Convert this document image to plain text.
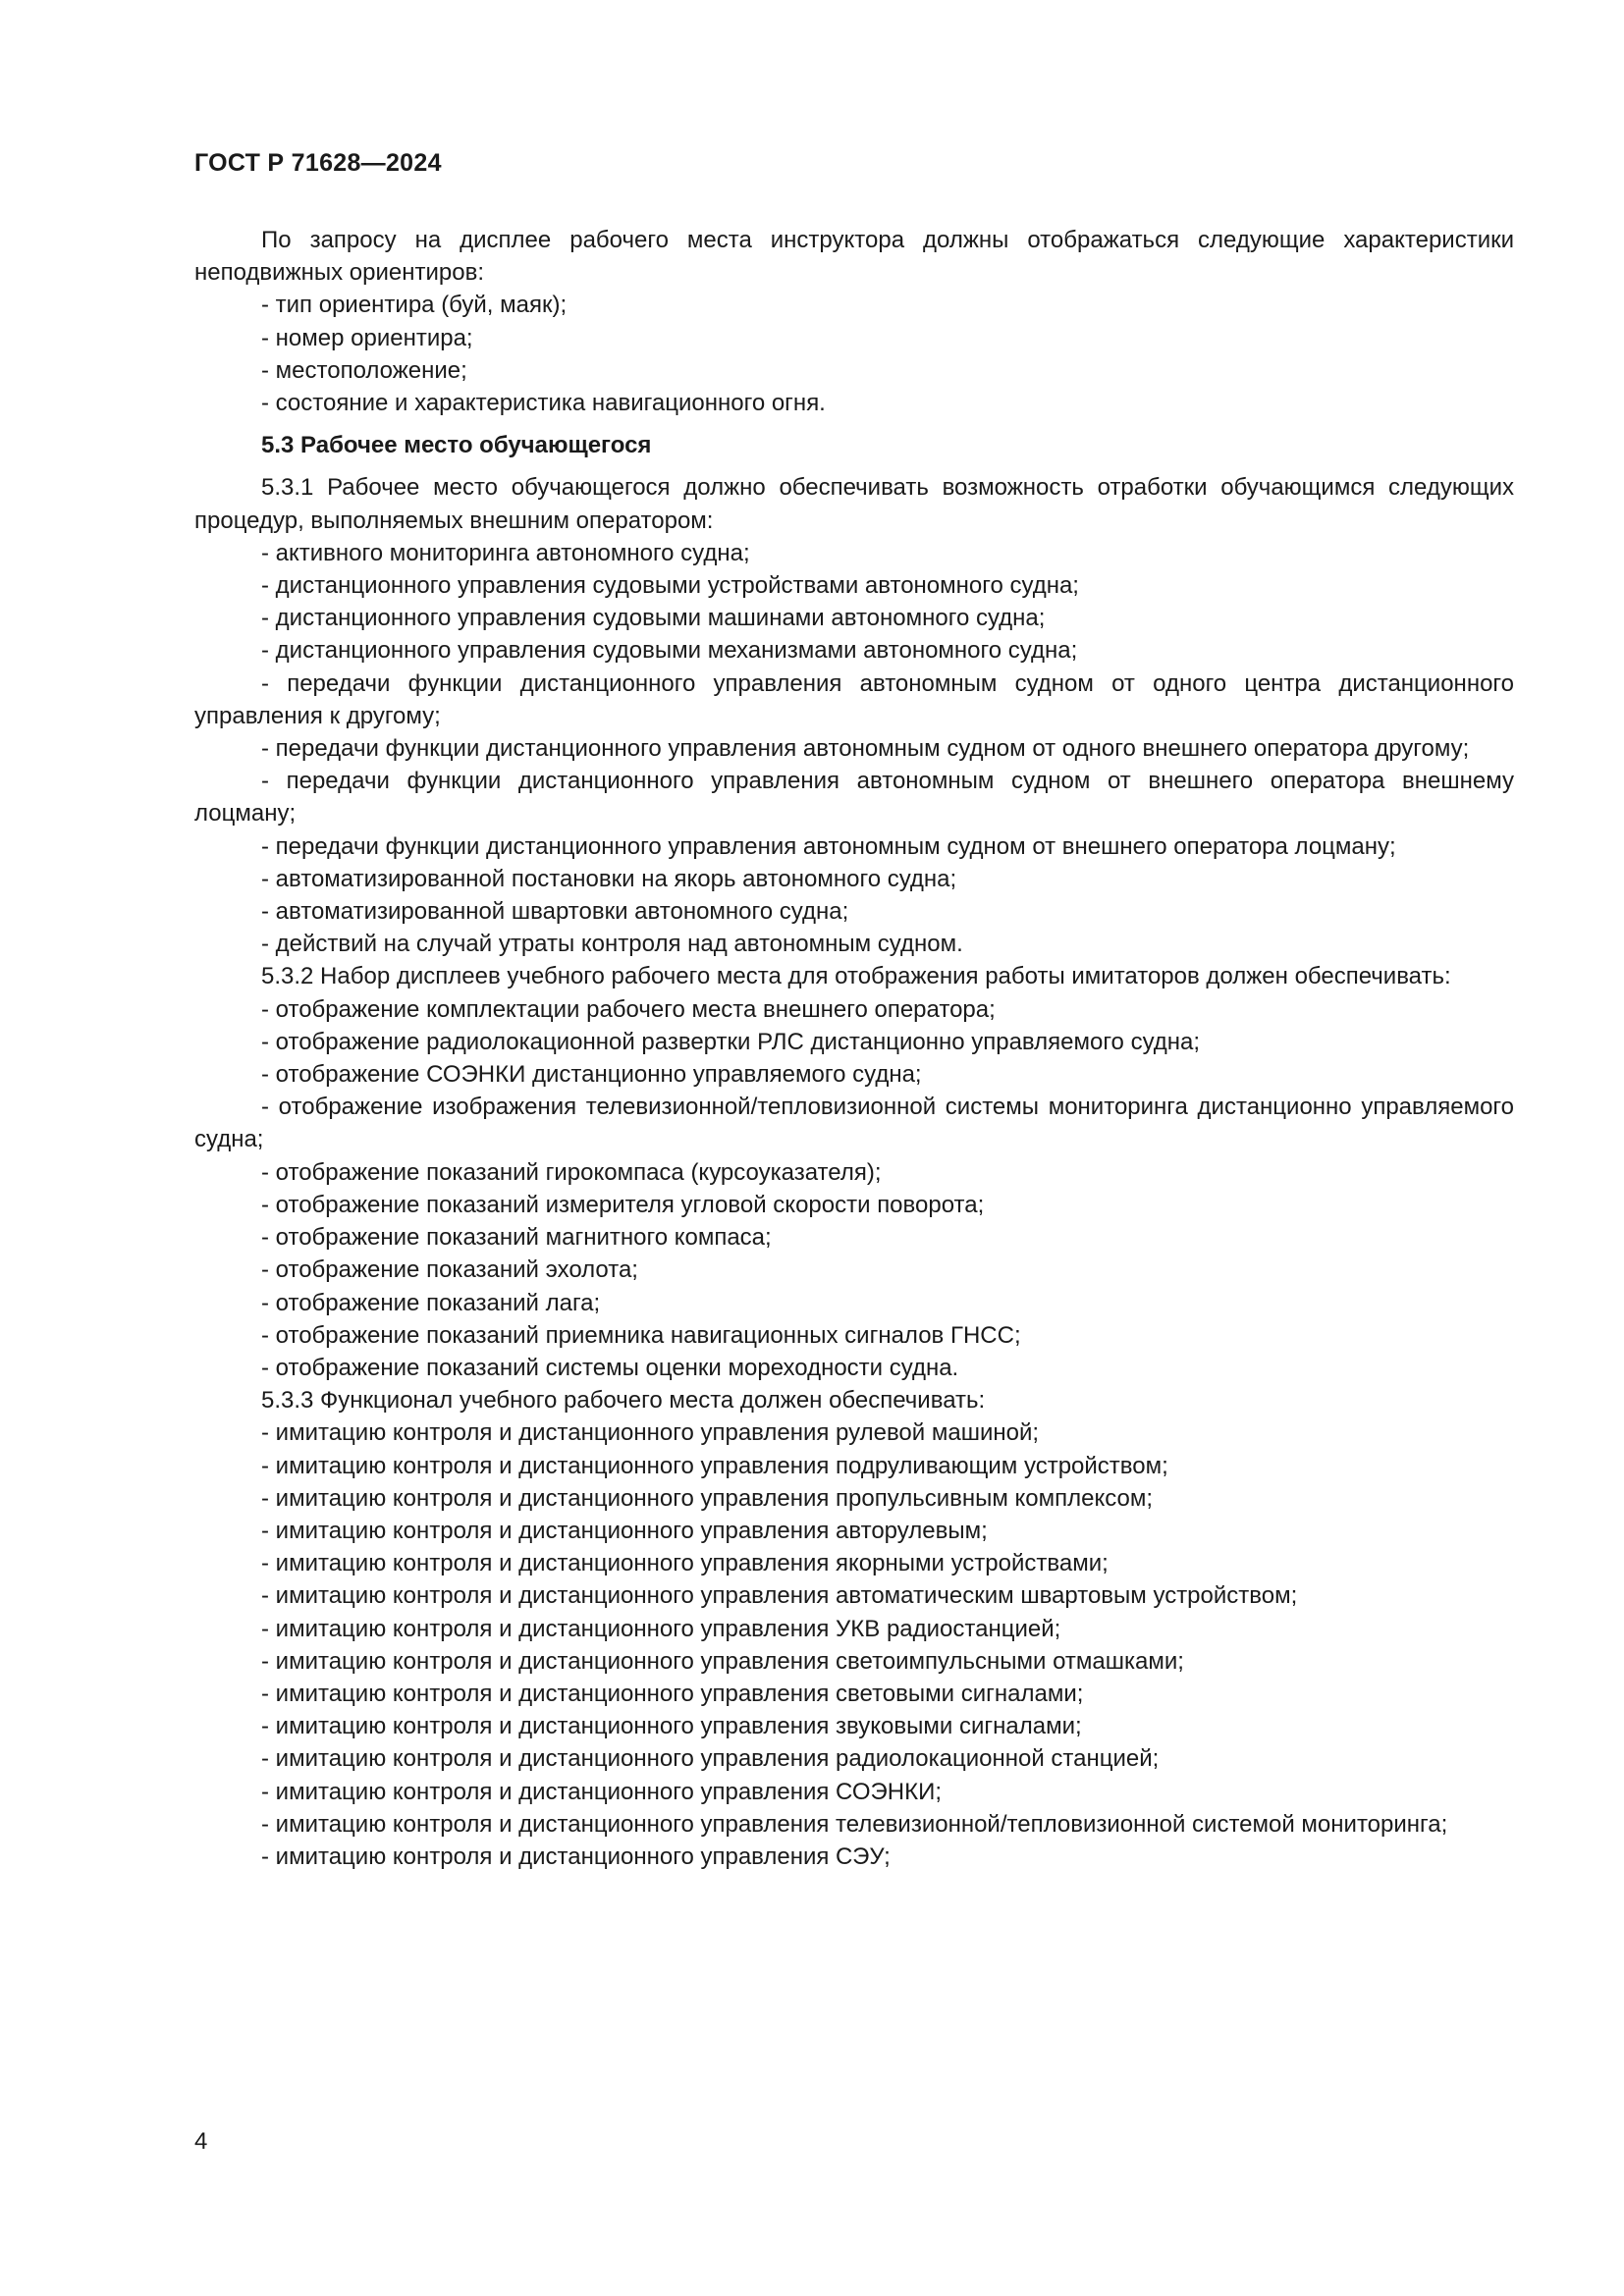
ГОСТ Р 71628—2024

По запросу на дисплее рабочего места инструктора должны отображаться следующие характеристики неподвижных ориентиров:

- тип ориентира (буй, маяк);

- номер ориентира;

- местоположение;

- состояние и характеристика навигационного огня.

5.3 Рабочее место обучающегося

5.3.1 Рабочее место обучающегося должно обеспечивать возможность отработки обучающимся следующих процедур, выполняемых внешним оператором:

- активного мониторинга автономного судна;

- дистанционного управления судовыми устройствами автономного судна;

- дистанционного управления судовыми машинами автономного судна;

- дистанционного управления судовыми механизмами автономного судна;

- передачи функции дистанционного управления автономным судном от одного центра дистанционного управления к другому;

- передачи функции дистанционного управления автономным судном от одного внешнего оператора другому;

- передачи функции дистанционного управления автономным судном от внешнего оператора внешнему лоцману;

- передачи функции дистанционного управления автономным судном от внешнего оператора лоцману;

- автоматизированной постановки на якорь автономного судна;

- автоматизированной швартовки автономного судна;

- действий на случай утраты контроля над автономным судном.

5.3.2 Набор дисплеев учебного рабочего места для отображения работы имитаторов должен обеспечивать:

- отображение комплектации рабочего места внешнего оператора;

- отображение радиолокационной развертки РЛС дистанционно управляемого судна;

- отображение СОЭНКИ дистанционно управляемого судна;

- отображение изображения телевизионной/тепловизионной системы мониторинга дистанционно управляемого судна;

- отображение показаний гирокомпаса (курсоуказателя);

- отображение показаний измерителя угловой скорости поворота;

- отображение показаний магнитного компаса;

- отображение показаний эхолота;

- отображение показаний лага;

- отображение показаний приемника навигационных сигналов ГНСС;

- отображение показаний системы оценки мореходности судна.

5.3.3 Функционал учебного рабочего места должен обеспечивать:

- имитацию контроля и дистанционного управления рулевой машиной;

- имитацию контроля и дистанционного управления подруливающим устройством;

- имитацию контроля и дистанционного управления пропульсивным комплексом;

- имитацию контроля и дистанционного управления авторулевым;

- имитацию контроля и дистанционного управления якорными устройствами;

- имитацию контроля и дистанционного управления автоматическим швартовым устройством;

- имитацию контроля и дистанционного управления УКВ радиостанцией;

- имитацию контроля и дистанционного управления светоимпульсными отмашками;

- имитацию контроля и дистанционного управления световыми сигналами;

- имитацию контроля и дистанционного управления звуковыми сигналами;

- имитацию контроля и дистанционного управления радиолокационной станцией;

- имитацию контроля и дистанционного управления СОЭНКИ;

- имитацию контроля и дистанционного управления телевизионной/тепловизионной системой мониторинга;

- имитацию контроля и дистанционного управления СЭУ;

4
